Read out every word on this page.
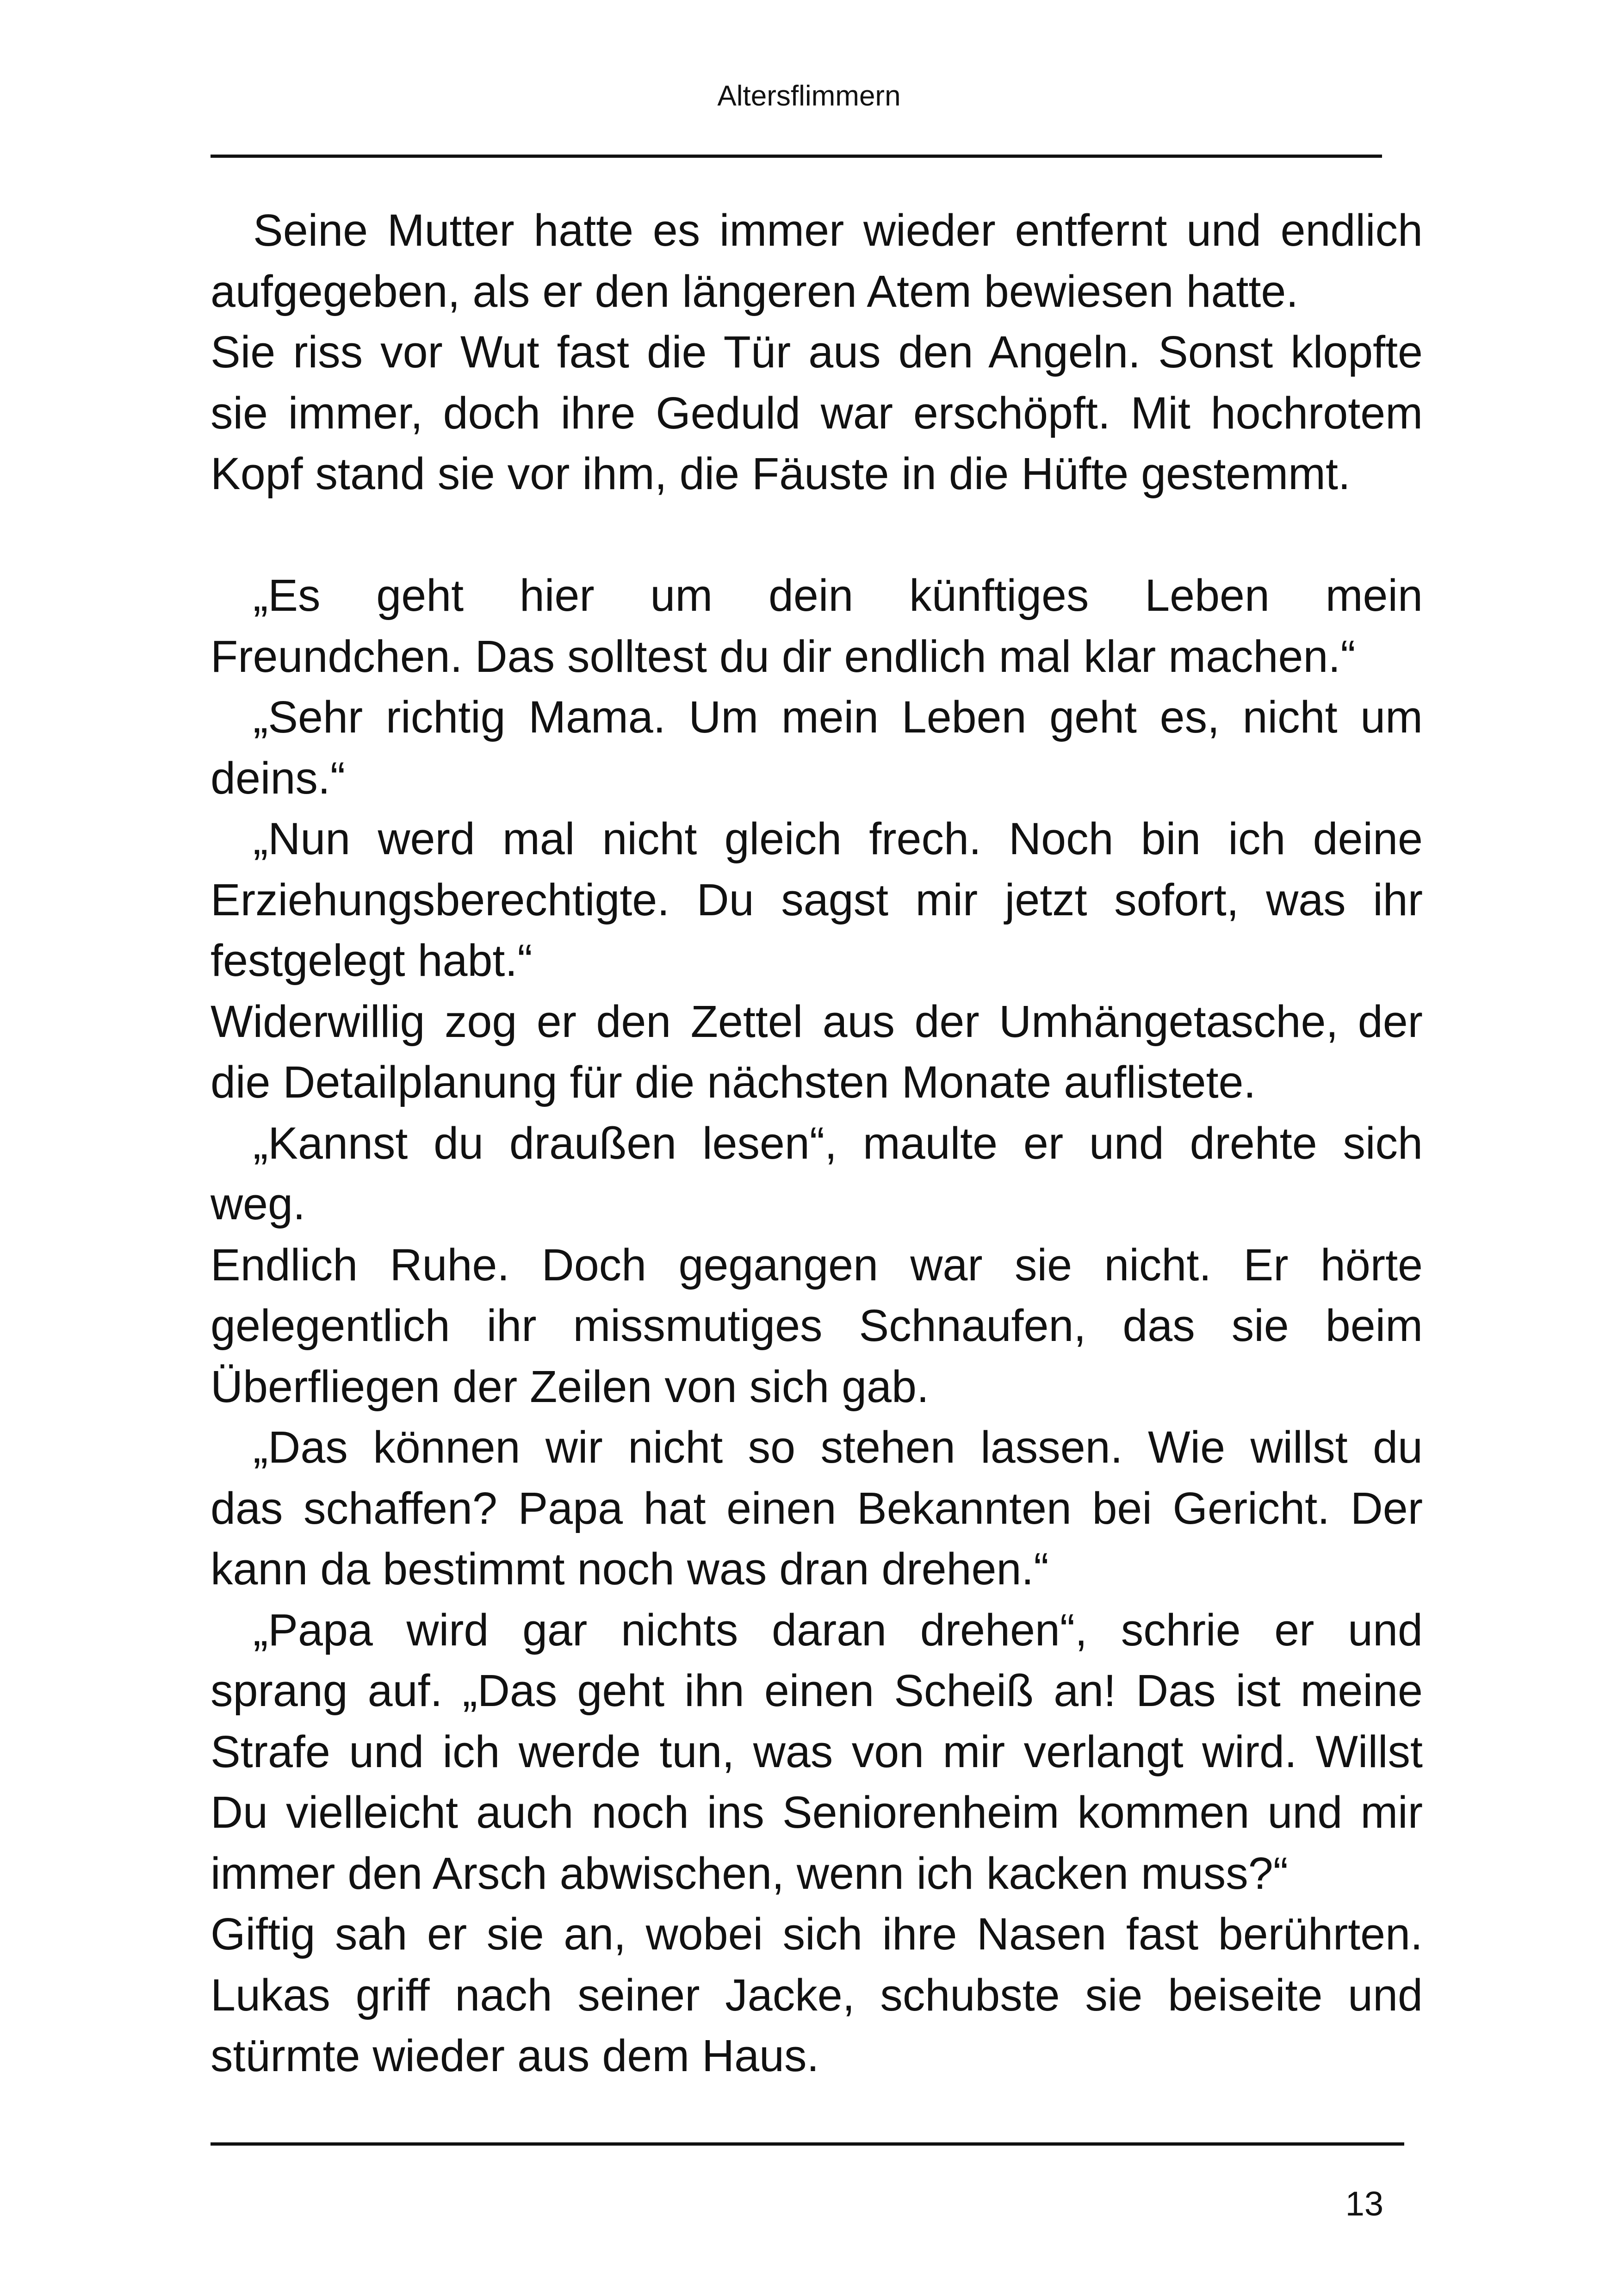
Altersflimmern
Seine Mutter hatte es immer wieder entfernt und endlich
aufgegeben, als er den längeren Atem bewiesen hatte.
Sie riss vor Wut fast die Tür aus den Angeln. Sonst klopfte
sie immer, doch ihre Geduld war erschöpft. Mit hochrotem
Kopf stand sie vor ihm, die Fäuste in die Hüfte gestemmt.
„Es geht hier um dein künftiges Leben mein
Freundchen. Das solltest du dir endlich mal klar machen.“
„Sehr richtig Mama. Um mein Leben geht es, nicht um
deins.“
„Nun werd mal nicht gleich frech. Noch bin ich deine
Erziehungsberechtigte. Du sagst mir jetzt sofort, was ihr
festgelegt habt.“
Widerwillig zog er den Zettel aus der Umhängetasche, der
die Detailplanung für die nächsten Monate auflistete.
„Kannst du draußen lesen“, maulte er und drehte sich
weg.
Endlich Ruhe. Doch gegangen war sie nicht. Er hörte
gelegentlich ihr missmutiges Schnaufen, das sie beim
Überfliegen der Zeilen von sich gab.
„Das können wir nicht so stehen lassen. Wie willst du
das schaffen? Papa hat einen Bekannten bei Gericht. Der
kann da bestimmt noch was dran drehen.“
„Papa wird gar nichts daran drehen“, schrie er und
sprang auf. „Das geht ihn einen Scheiß an! Das ist meine
Strafe und ich werde tun, was von mir verlangt wird. Willst
Du vielleicht auch noch ins Seniorenheim kommen und mir
immer den Arsch abwischen, wenn ich kacken muss?“
Giftig sah er sie an, wobei sich ihre Nasen fast berührten.
Lukas griff nach seiner Jacke, schubste sie beiseite und
stürmte wieder aus dem Haus.
13
